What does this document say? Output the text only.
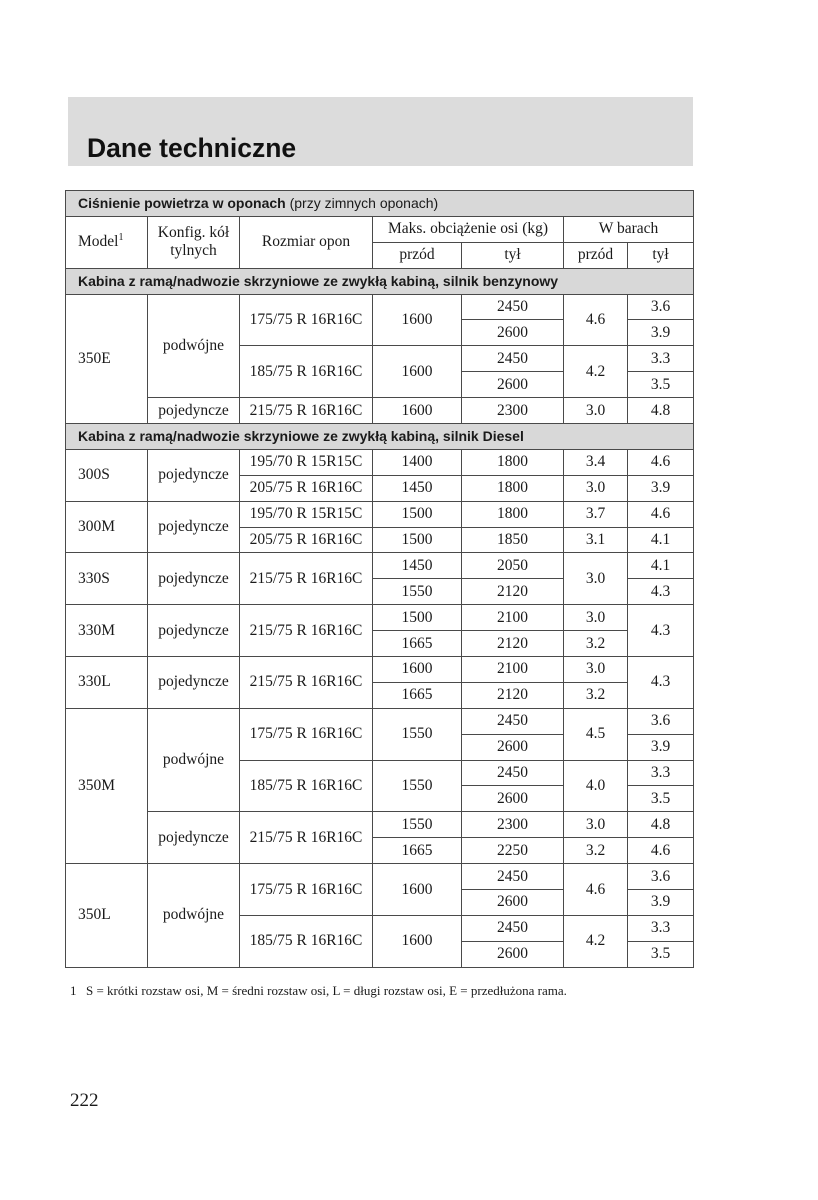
Dane techniczne
Ciśnienie powietrza w oponach (przy zimnych oponach)						
Model$^1$	Konfig. kół tylnych	Rozmiar opon	Maks. obciążenie osi (kg)		W barach	
			przód	tył	przód	tył
Kabina z ramą/nadwozie skrzyniowe ze zwykłą kabiną, silnik benzynowy						
350E	podwójne	175/75 R 16R16C	1600	2450	4.6	3.6
				2600		3.9
		185/75 R 16R16C	1600	2450	4.2	3.3
				2600		3.5
	pojedyncze	215/75 R 16R16C	1600	2300	3.0	4.8
Kabina z ramą/nadwozie skrzyniowe ze zwykłą kabiną, silnik Diesel						
300S	pojedyncze	195/70 R 15R15C	1400	1800	3.4	4.6
		205/75 R 16R16C	1450	1800	3.0	3.9
300M	pojedyncze	195/70 R 15R15C	1500	1800	3.7	4.6
		205/75 R 16R16C	1500	1850	3.1	4.1
330S	pojedyncze	215/75 R 16R16C	1450	2050	3.0	4.1
			1550	2120		4.3
330M	pojedyncze	215/75 R 16R16C	1500	2100	3.0	4.3
			1665	2120	3.2	
330L	pojedyncze	215/75 R 16R16C	1600	2100	3.0	4.3
			1665	2120	3.2	
350M	podwójne	175/75 R 16R16C	1550	2450	4.5	3.6
				2600		3.9
		185/75 R 16R16C	1550	2450	4.0	3.3
				2600		3.5
	pojedyncze	215/75 R 16R16C	1550	2300	3.0	4.8
			1665	2250	3.2	4.6
350L	podwójne	175/75 R 16R16C	1600	2450	4.6	3.6
				2600		3.9
		185/75 R 16R16C	1600	2450	4.2	3.3
				2600		3.5
1 S = krótki rozstaw osi, M = średni rozstaw osi, L = długi rozstaw osi, E = przedłużona rama.
222
